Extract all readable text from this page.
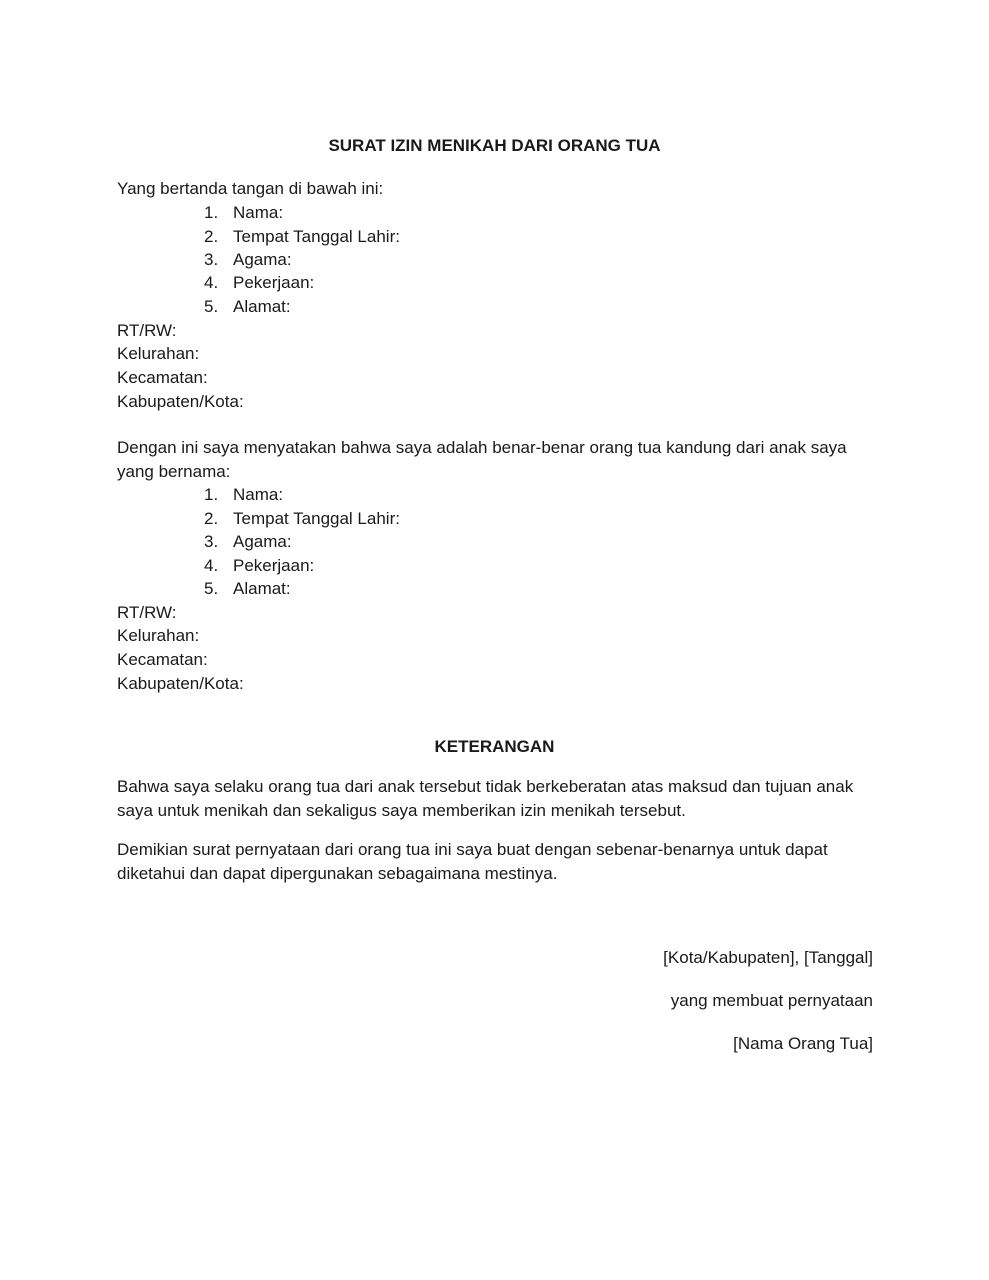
SURAT IZIN MENIKAH DARI ORANG TUA
Yang bertanda tangan di bawah ini:
1. Nama:
2. Tempat Tanggal Lahir:
3. Agama:
4. Pekerjaan:
5. Alamat:
RT/RW:
Kelurahan:
Kecamatan:
Kabupaten/Kota:
Dengan ini saya menyatakan bahwa saya adalah benar-benar orang tua kandung dari anak saya yang bernama:
1. Nama:
2. Tempat Tanggal Lahir:
3. Agama:
4. Pekerjaan:
5. Alamat:
RT/RW:
Kelurahan:
Kecamatan:
Kabupaten/Kota:
KETERANGAN
Bahwa saya selaku orang tua dari anak tersebut tidak berkeberatan atas maksud dan tujuan anak saya untuk menikah dan sekaligus saya memberikan izin menikah tersebut.
Demikian surat pernyataan dari orang tua ini saya buat dengan sebenar-benarnya untuk dapat diketahui dan dapat dipergunakan sebagaimana mestinya.
[Kota/Kabupaten], [Tanggal]
yang membuat pernyataan
[Nama Orang Tua]
